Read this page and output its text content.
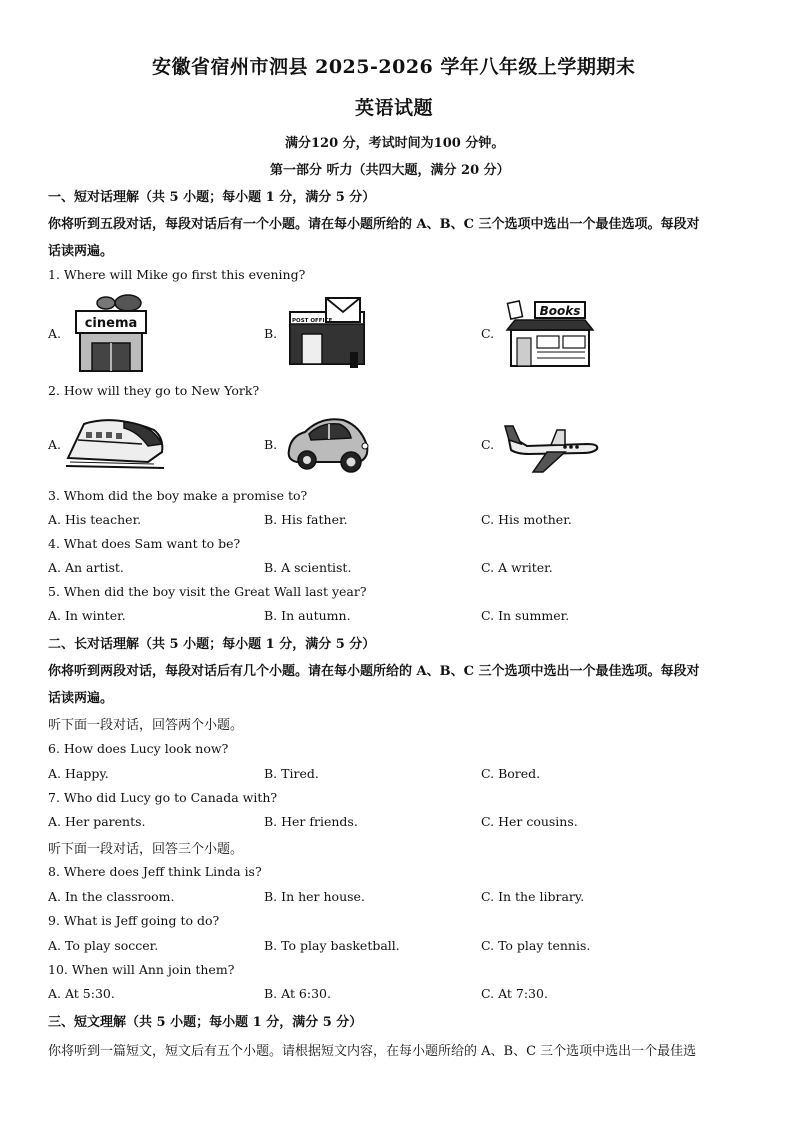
安徽省宿州市泗县 2025-2026 学年八年级上学期期末
英语试题
满分120 分，考试时间为100 分钟。
第一部分 听力（共四大题，满分 20 分）
一、短对话理解（共 5 小题；每小题 1 分，满分 5 分）
你将听到五段对话，每段对话后有一个小题。请在每小题所给的 A、B、C 三个选项中选出一个最佳选项。每段对
话读两遍。
1. Where will Mike go first this evening?
A.	B.	C.
cinema	POST OFFICE
Books
2. How will they go to New York?
A.	B.	C.
3. Whom did the boy make a promise to?
A. His teacher.	B. His father.	C. His mother.
4. What does Sam want to be?
A. An artist.	B. A scientist.	C. A writer.
5. When did the boy visit the Great Wall last year?
A. In winter.	B. In autumn.	C. In summer.
二、长对话理解（共 5 小题；每小题 1 分，满分 5 分）
你将听到两段对话，每段对话后有几个小题。请在每小题所给的 A、B、C 三个选项中选出一个最佳选项。每段对
话读两遍。
听下面一段对话，回答两个小题。
6. How does Lucy look now?
A. Happy.	B. Tired.	C. Bored.
7. Who did Lucy go to Canada with?
A. Her parents.	B. Her friends.	C. Her cousins.
听下面一段对话，回答三个小题。
8. Where does Jeff think Linda is?
A. In the classroom.	B. In her house.	C. In the library.
9. What is Jeff going to do?
A. To play soccer.	B. To play basketball.	C. To play tennis.
10. When will Ann join them?
A. At 5:30.	B. At 6:30.	C. At 7:30.
三、短文理解（共 5 小题；每小题 1 分，满分 5 分）
你将听到一篇短文，短文后有五个小题。请根据短文内容，在每小题所给的 A、B、C 三个选项中选出一个最佳选
